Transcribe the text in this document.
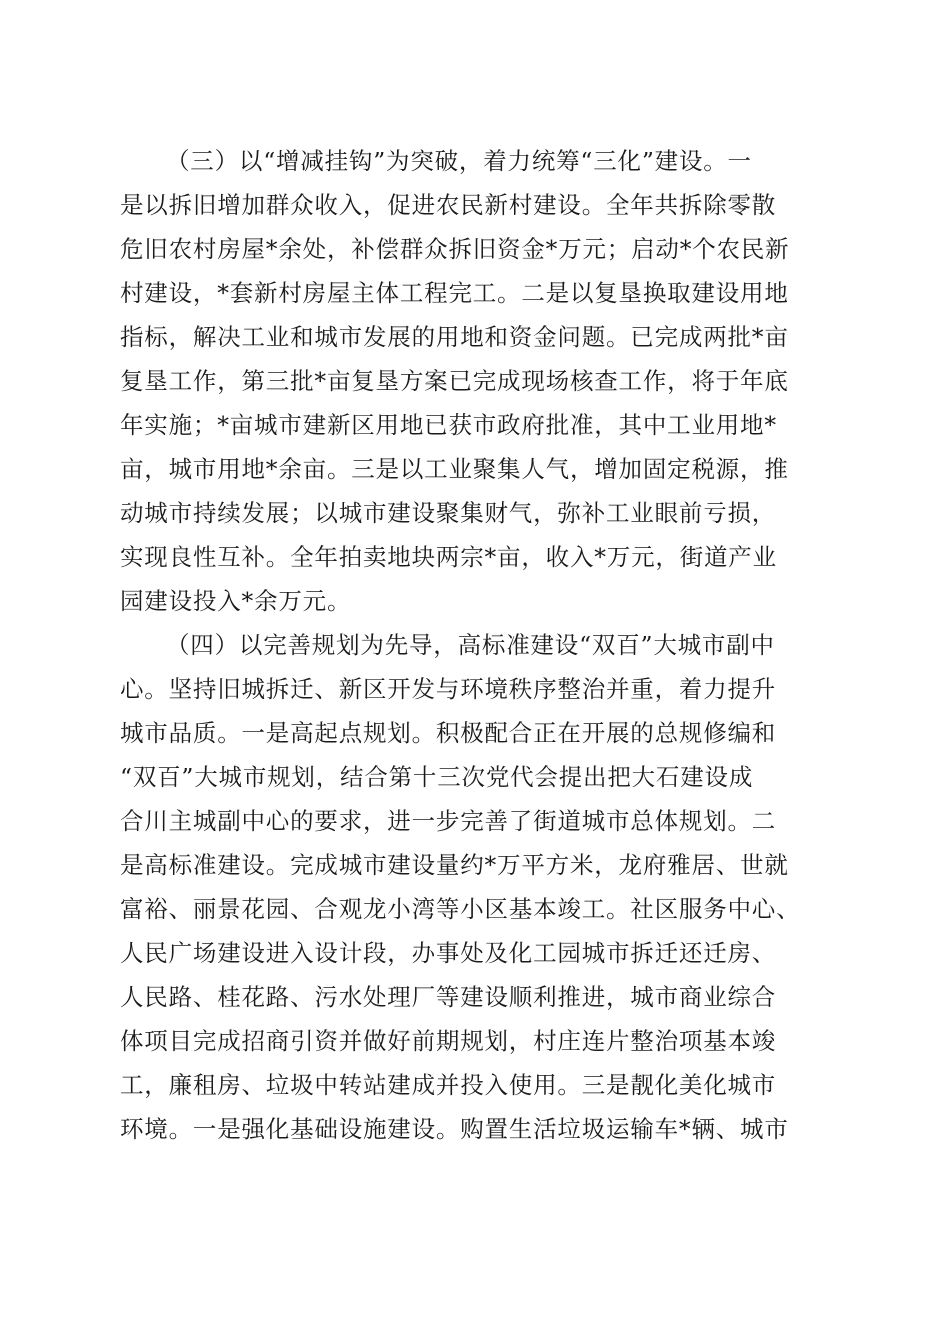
（三）以“增减挂钩”为突破，着力统筹“三化”建设。一
是以拆旧增加群众收入，促进农民新村建设。全年共拆除零散
危旧农村房屋*余处，补偿群众拆旧资金*万元；启动*个农民新
村建设，*套新村房屋主体工程完工。二是以复垦换取建设用地
指标，解决工业和城市发展的用地和资金问题。已完成两批*亩
复垦工作，第三批*亩复垦方案已完成现场核查工作，将于年底
年实施；*亩城市建新区用地已获市政府批准，其中工业用地*
亩，城市用地*余亩。三是以工业聚集人气，增加固定税源，推
动城市持续发展；以城市建设聚集财气，弥补工业眼前亏损，
实现良性互补。全年拍卖地块两宗*亩，收入*万元，街道产业
园建设投入*余万元。
（四）以完善规划为先导，高标准建设“双百”大城市副中
心。坚持旧城拆迁、新区开发与环境秩序整治并重，着力提升
城市品质。一是高起点规划。积极配合正在开展的总规修编和
“双百”大城市规划，结合第十三次党代会提出把大石建设成
合川主城副中心的要求，进一步完善了街道城市总体规划。二
是高标准建设。完成城市建设量约*万平方米，龙府雅居、世就
富裕、丽景花园、合观龙小湾等小区基本竣工。社区服务中心、
人民广场建设进入设计段，办事处及化工园城市拆迁还迁房、
人民路、桂花路、污水处理厂等建设顺利推进，城市商业综合
体项目完成招商引资并做好前期规划，村庄连片整治项基本竣
工，廉租房、垃圾中转站建成并投入使用。三是靓化美化城市
环境。一是强化基础设施建设。购置生活垃圾运输车*辆、城市
